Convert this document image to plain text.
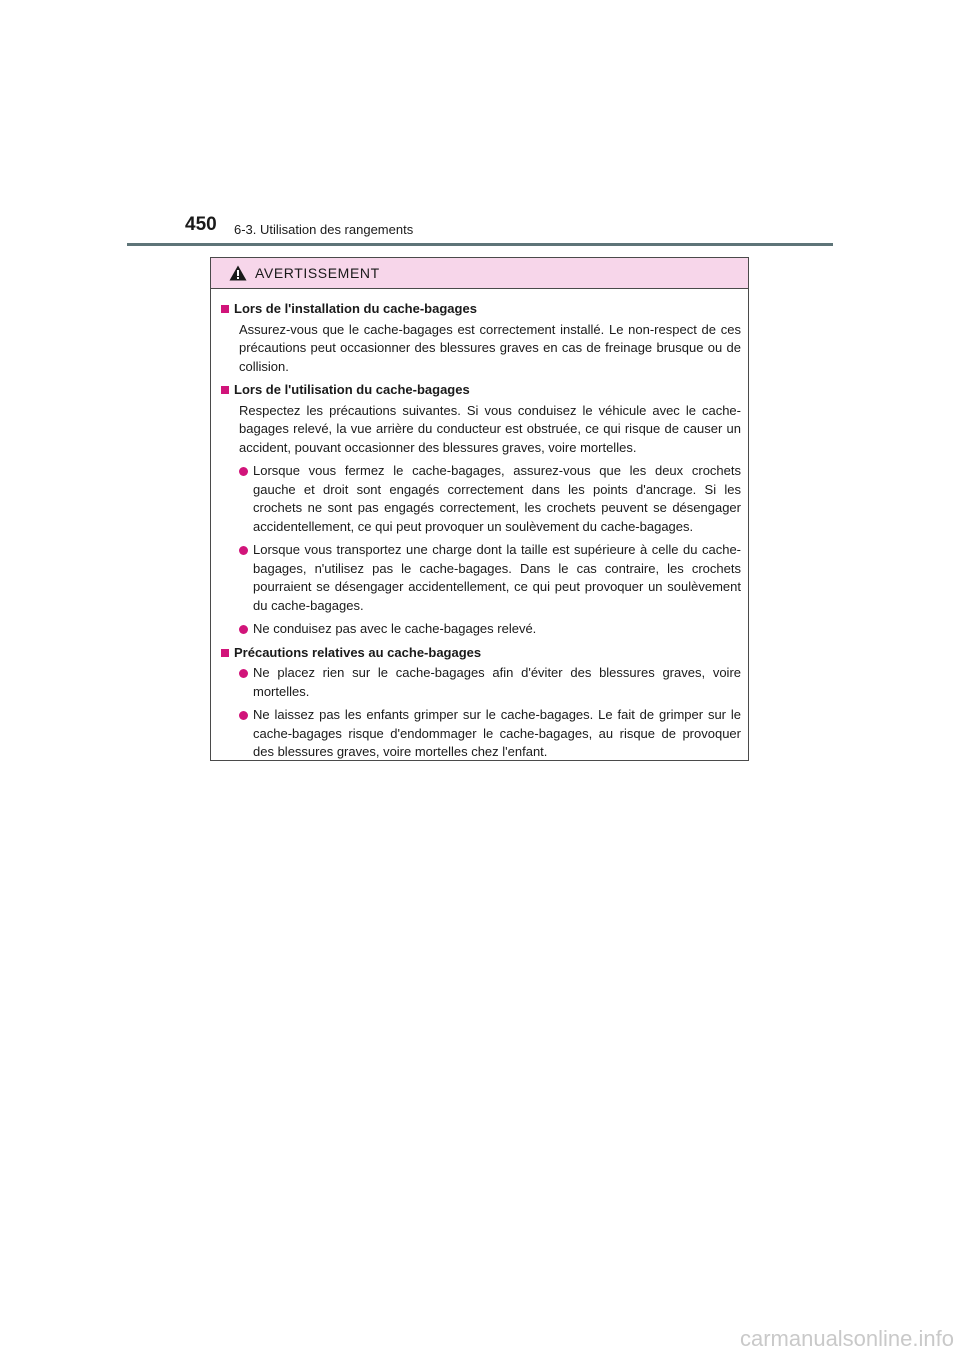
450 6-3. Utilisation des rangements
AVERTISSEMENT
Lors de l'installation du cache-bagages
Assurez-vous que le cache-bagages est correctement installé. Le non-respect de ces précautions peut occasionner des blessures graves en cas de freinage brusque ou de collision.
Lors de l'utilisation du cache-bagages
Respectez les précautions suivantes. Si vous conduisez le véhicule avec le cache-bagages relevé, la vue arrière du conducteur est obstruée, ce qui risque de causer un accident, pouvant occasionner des blessures graves, voire mortelles.
Lorsque vous fermez le cache-bagages, assurez-vous que les deux crochets gauche et droit sont engagés correctement dans les points d'ancrage. Si les crochets ne sont pas engagés correctement, les crochets peuvent se désengager accidentellement, ce qui peut provoquer un soulèvement du cache-bagages.
Lorsque vous transportez une charge dont la taille est supérieure à celle du cache-bagages, n'utilisez pas le cache-bagages. Dans le cas contraire, les crochets pourraient se désengager accidentellement, ce qui peut provoquer un soulèvement du cache-bagages.
Ne conduisez pas avec le cache-bagages relevé.
Précautions relatives au cache-bagages
Ne placez rien sur le cache-bagages afin d'éviter des blessures graves, voire mortelles.
Ne laissez pas les enfants grimper sur le cache-bagages. Le fait de grimper sur le cache-bagages risque d'endommager le cache-bagages, au risque de provoquer des blessures graves, voire mortelles chez l'enfant.
carmanualsonline.info
